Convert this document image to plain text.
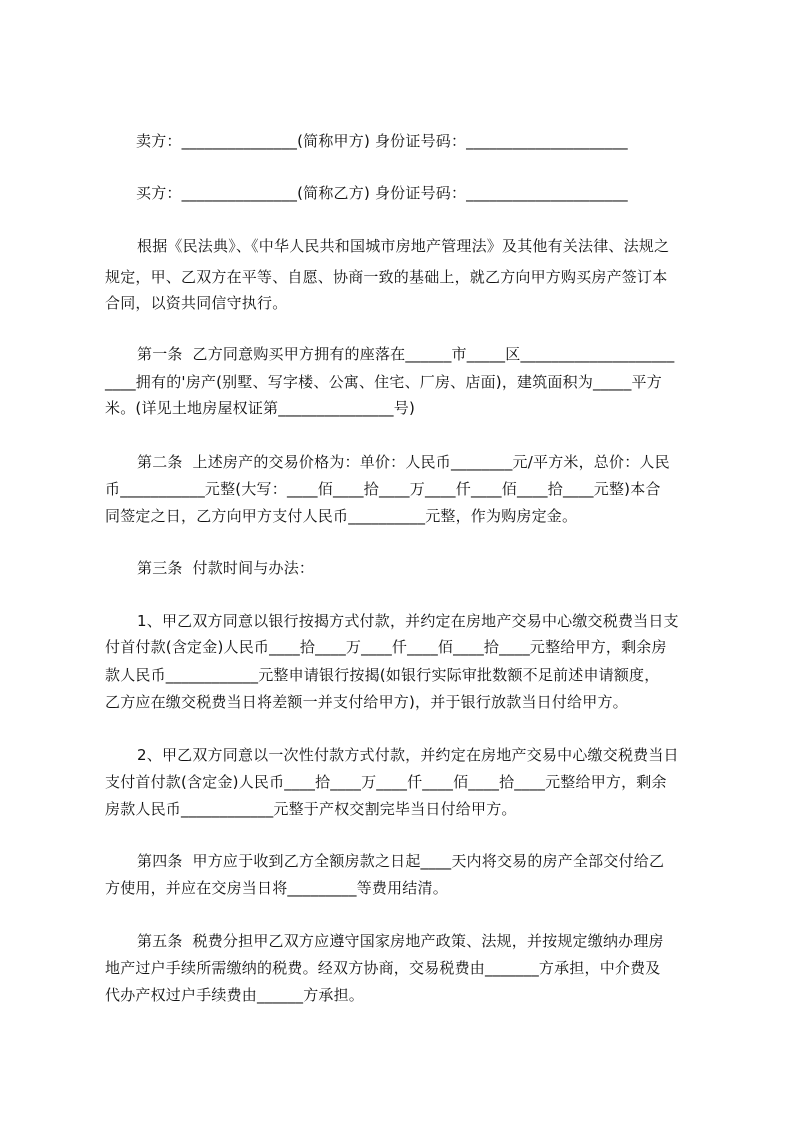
卖方：_______________(简称甲方) 身份证号码：_____________________
买方：_______________(简称乙方) 身份证号码：_____________________
根据《民法典》、《中华人民共和国城市房地产管理法》及其他有关法律、法规之
规定，甲、乙双方在平等、自愿、协商一致的基础上，就乙方向甲方购买房产签订本
合同，以资共同信守执行。
第一条  乙方同意购买甲方拥有的座落在______市_____区____________________
____拥有的'房产(别墅、写字楼、公寓、住宅、厂房、店面)，建筑面积为_____平方
米。(详见土地房屋权证第_______________号)
第二条  上述房产的交易价格为：单价：人民币________元/平方米，总价：人民
币___________元整(大写：____佰____拾____万____仟____佰____拾____元整)本合
同签定之日，乙方向甲方支付人民币__________元整，作为购房定金。
第三条  付款时间与办法：
1、甲乙双方同意以银行按揭方式付款，并约定在房地产交易中心缴交税费当日支
付首付款(含定金)人民币____拾____万____仟____佰____拾____元整给甲方，剩余房
款人民币____________元整申请银行按揭(如银行实际审批数额不足前述申请额度，
乙方应在缴交税费当日将差额一并支付给甲方)，并于银行放款当日付给甲方。
2、甲乙双方同意以一次性付款方式付款，并约定在房地产交易中心缴交税费当日
支付首付款(含定金)人民币____拾____万____仟____佰____拾____元整给甲方，剩余
房款人民币____________元整于产权交割完毕当日付给甲方。
第四条  甲方应于收到乙方全额房款之日起____天内将交易的房产全部交付给乙
方使用，并应在交房当日将_________等费用结清。
第五条  税费分担甲乙双方应遵守国家房地产政策、法规，并按规定缴纳办理房
地产过户手续所需缴纳的税费。经双方协商，交易税费由_______方承担，中介费及
代办产权过户手续费由______方承担。
